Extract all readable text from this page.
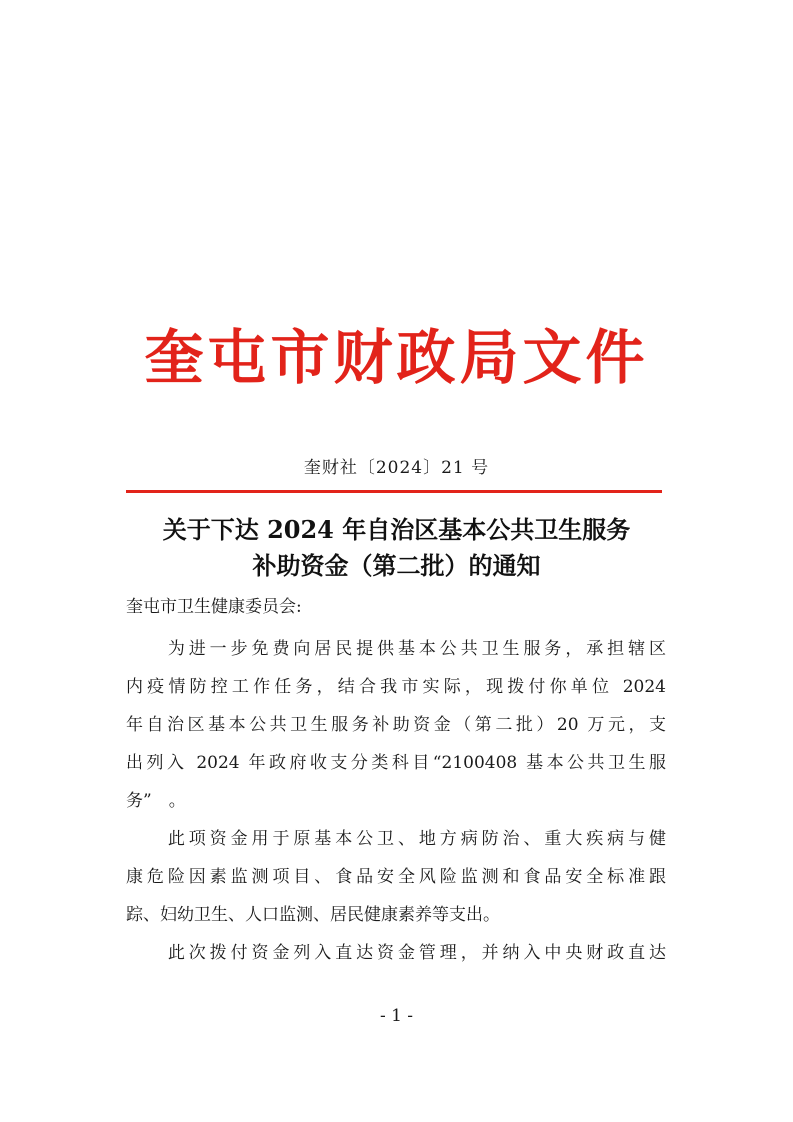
奎屯市财政局文件
奎财社〔2024〕21 号
关于下达 2024 年自治区基本公共卫生服务
补助资金（第二批）的通知
奎屯市卫生健康委员会:
　　为进一步免费向居民提供基本公共卫生服务，承担辖区
内疫情防控工作任务，结合我市实际，现拨付你单位 2024
年自治区基本公共卫生服务补助资金（第二批）20 万元，支
出列入 2024 年政府收支分类科目“2100408 基本公共卫生服
务”　。
　　此项资金用于原基本公卫、地方病防治、重大疾病与健
康危险因素监测项目、食品安全风险监测和食品安全标准跟
踪、妇幼卫生、人口监测、居民健康素养等支出。
　　此次拨付资金列入直达资金管理，并纳入中央财政直达
- 1 -
